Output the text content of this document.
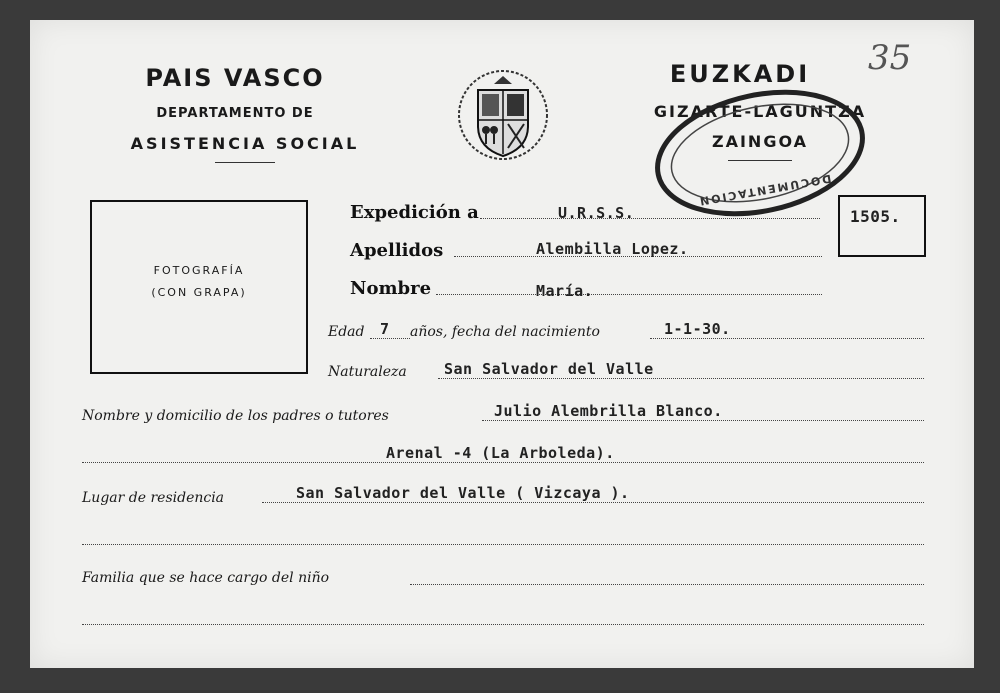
PAIS VASCO
DEPARTAMENTO DE
ASISTENCIA SOCIAL
EUZKADI
GIZARTE-LAGUNTZA
ZAINGOA
DOCUMENTACION
35
FOTOGRAFÍA
(CON GRAPA)
1505.
Expedición a	U.R.S.S.
Apellidos	Alembilla Lopez.
Nombre	María.
Edad 7 años, fecha del nacimiento	1-1-30.
Naturaleza San Salvador del Valle
Nombre y domicilio de los padres o tutores	Julio Alembrilla Blanco.
Arenal -4 (La Arboleda).
Lugar de residencia	San Salvador del Valle ( Vizcaya ).
Familia que se hace cargo del niño
